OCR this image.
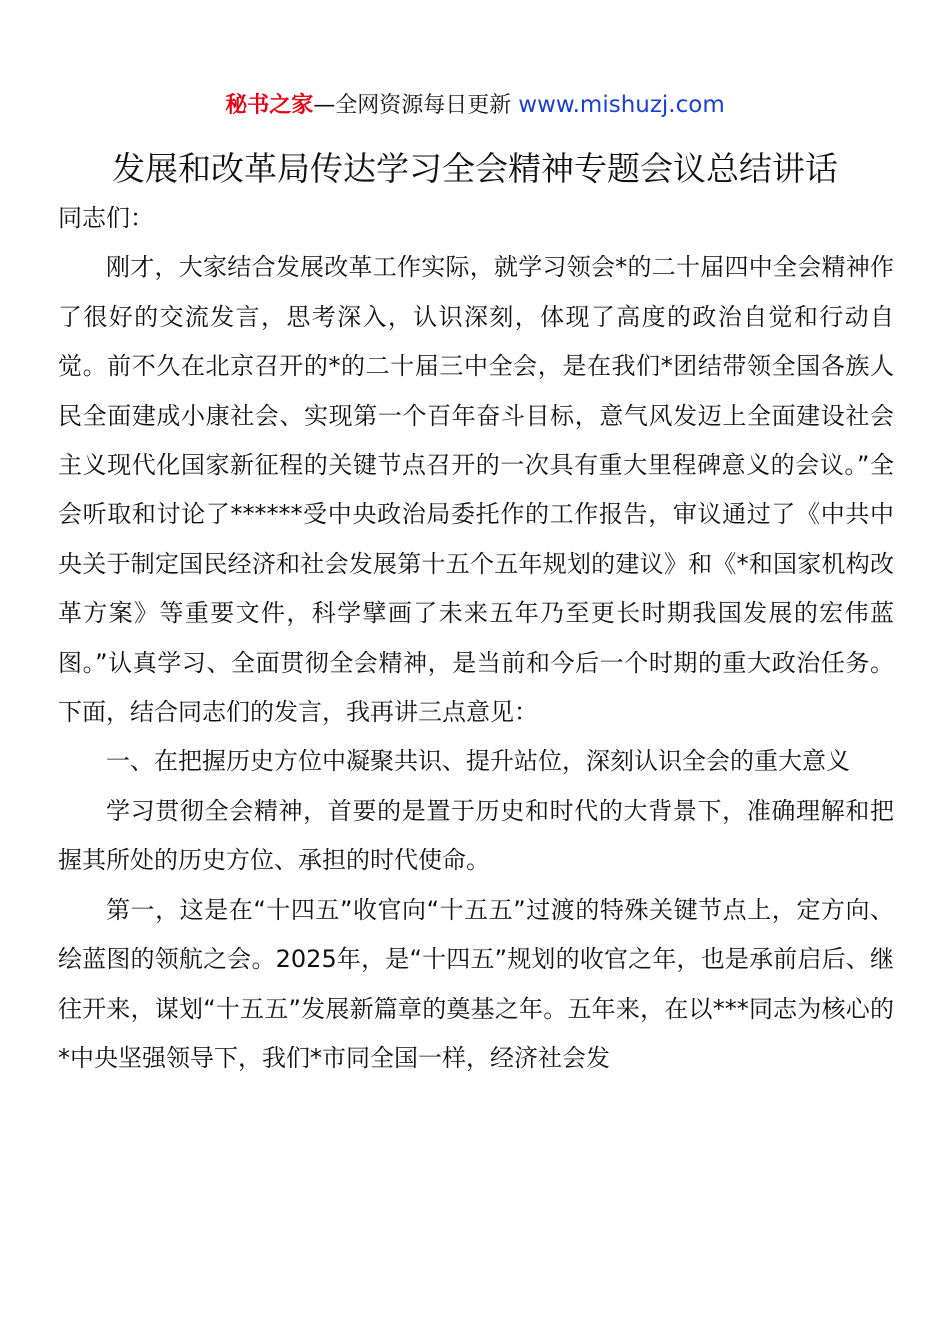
秘书之家—全网资源每日更新 www.mishuzj.com
发展和改革局传达学习全会精神专题会议总结讲话

同志们：

刚才，大家结合发展改革工作实际，就学习领会*的二十届四中全会精神作了很好的交流发言，思考深入，认识深刻，体现了高度的政治自觉和行动自觉。前不久在北京召开的*的二十届三中全会，是在我们*团结带领全国各族人民全面建成小康社会、实现第一个百年奋斗目标，意气风发迈上全面建设社会主义现代化国家新征程的关键节点召开的一次具有重大里程碑意义的会议。”全会听取和讨论了******受中央政治局委托作的工作报告，审议通过了《中共中央关于制定国民经济和社会发展第十五个五年规划的建议》和《*和国家机构改革方案》等重要文件，科学擘画了未来五年乃至更长时期我国发展的宏伟蓝图。”认真学习、全面贯彻全会精神，是当前和今后一个时期的重大政治任务。下面，结合同志们的发言，我再讲三点意见：

一、在把握历史方位中凝聚共识、提升站位，深刻认识全会的重大意义

学习贯彻全会精神，首要的是置于历史和时代的大背景下，准确理解和把握其所处的历史方位、承担的时代使命。

第一，这是在“十四五”收官向“十五五”过渡的特殊关键节点上，定方向、绘蓝图的领航之会。2025年，是“十四五”规划的收官之年，也是承前启后、继往开来，谋划“十五五”发展新篇章的奠基之年。五年来，在以***同志为核心的*中央坚强领导下，我们*市同全国一样，经济社会发
